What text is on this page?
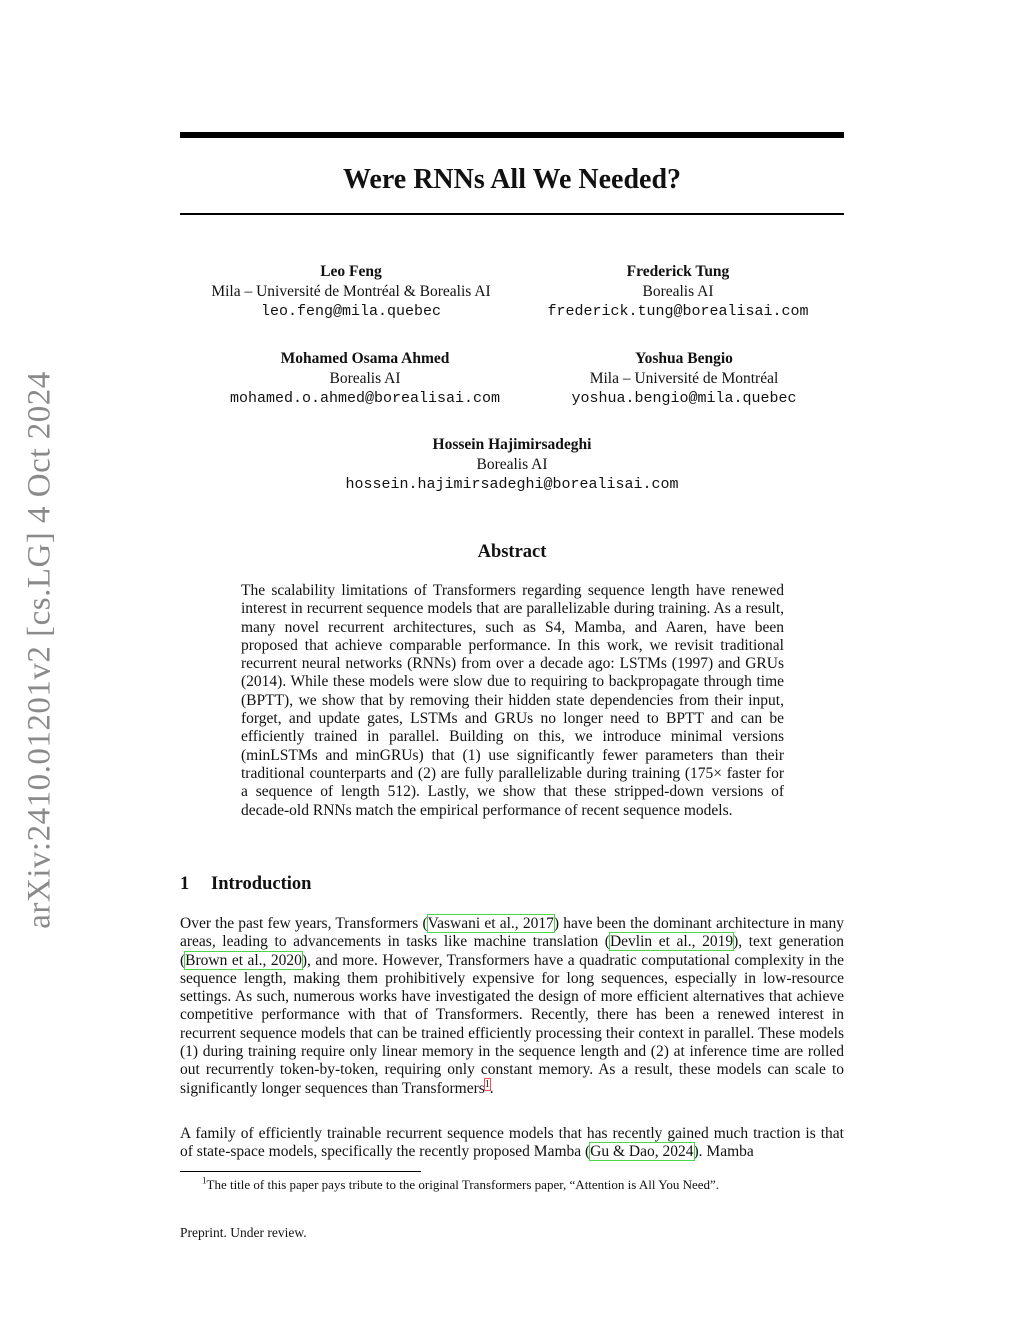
arXiv:2410.01201v2 [cs.LG] 4 Oct 2024
Were RNNs All We Needed?
Leo Feng
Mila – Université de Montréal & Borealis AI
leo.feng@mila.quebec
Frederick Tung
Borealis AI
frederick.tung@borealisai.com
Mohamed Osama Ahmed
Borealis AI
mohamed.o.ahmed@borealisai.com
Yoshua Bengio
Mila – Université de Montréal
yoshua.bengio@mila.quebec
Hossein Hajimirsadeghi
Borealis AI
hossein.hajimirsadeghi@borealisai.com
Abstract
The scalability limitations of Transformers regarding sequence length have renewed interest in recurrent sequence models that are parallelizable during training. As a result, many novel recurrent architectures, such as S4, Mamba, and Aaren, have been proposed that achieve comparable performance. In this work, we revisit traditional recurrent neural networks (RNNs) from over a decade ago: LSTMs (1997) and GRUs (2014). While these models were slow due to requiring to backpropagate through time (BPTT), we show that by removing their hidden state dependencies from their input, forget, and update gates, LSTMs and GRUs no longer need to BPTT and can be efficiently trained in parallel. Building on this, we introduce minimal versions (minLSTMs and minGRUs) that (1) use significantly fewer parameters than their traditional counterparts and (2) are fully parallelizable during training (175× faster for a sequence of length 512). Lastly, we show that these stripped-down versions of decade-old RNNs match the empirical performance of recent sequence models.
1 Introduction
Over the past few years, Transformers (Vaswani et al., 2017) have been the dominant architecture in many areas, leading to advancements in tasks like machine translation (Devlin et al., 2019), text generation (Brown et al., 2020), and more. However, Transformers have a quadratic computational complexity in the sequence length, making them prohibitively expensive for long sequences, especially in low-resource settings. As such, numerous works have investigated the design of more efficient alternatives that achieve competitive performance with that of Transformers. Recently, there has been a renewed interest in recurrent sequence models that can be trained efficiently processing their context in parallel. These models (1) during training require only linear memory in the sequence length and (2) at inference time are rolled out recurrently token-by-token, requiring only constant memory. As a result, these models can scale to significantly longer sequences than Transformers$^1$.
A family of efficiently trainable recurrent sequence models that has recently gained much traction is that of state-space models, specifically the recently proposed Mamba (Gu & Dao, 2024). Mamba
$^1$The title of this paper pays tribute to the original Transformers paper, “Attention is All You Need”.
Preprint. Under review.
